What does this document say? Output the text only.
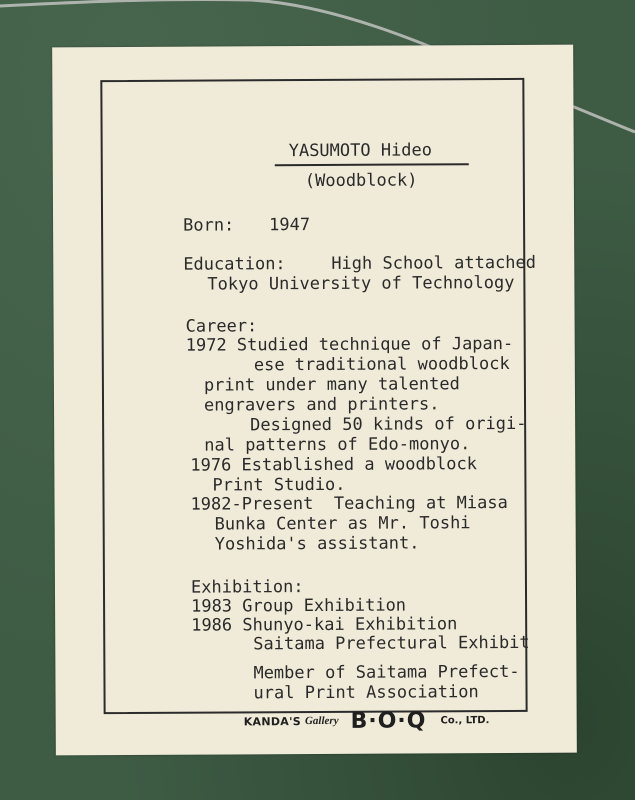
YASUMOTO Hideo

(Woodblock)

Born: 1947

Education:	High School attached

Tokyo University of Technology

Career:

1972 Studied technique of Japan-

ese traditional woodblock

print under many talented

engravers and printers.

Designed 50 kinds of origi-

nal patterns of Edo-monyo.

1976 Established a woodblock

Print Studio.

1982-Present  Teaching at Miasa

Bunka Center as Mr. Toshi

Yoshida's assistant.

Exhibition:

1983 Group Exhibition

1986 Shunyo-kai Exhibition

Saitama Prefectural Exhibit

Member of Saitama Prefect-

ural Print Association

KANDA'S Gallery B·O·Q Co., LTD.
